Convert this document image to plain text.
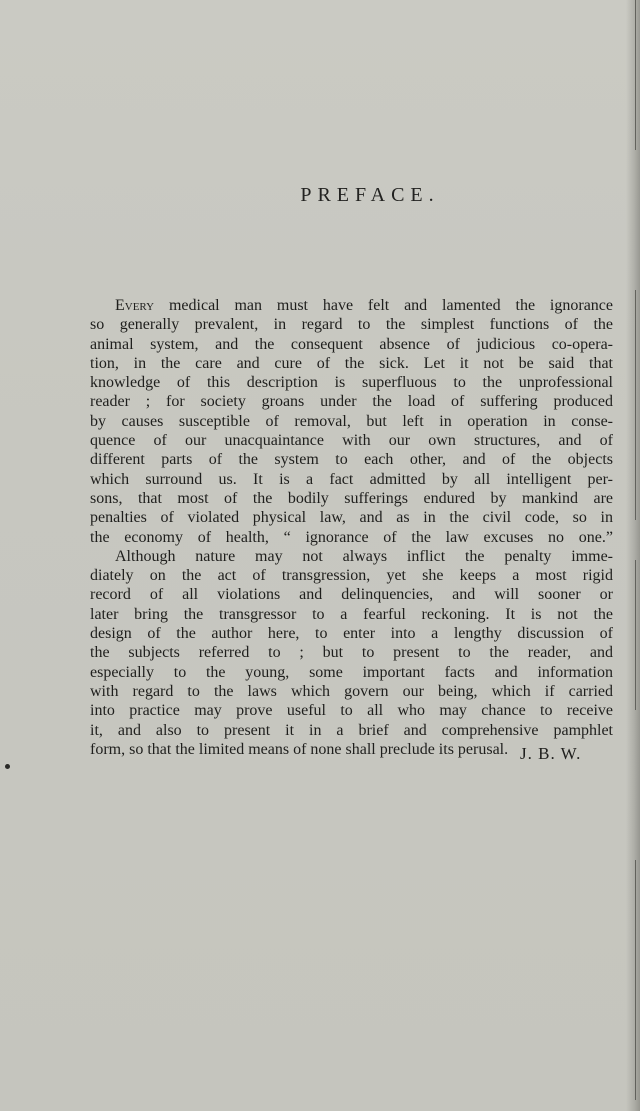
PREFACE.
Every medical man must have felt and lamented the ignorance
so generally prevalent, in regard to the simplest functions of the
animal system, and the consequent absence of judicious co-opera-
tion, in the care and cure of the sick. Let it not be said that
knowledge of this description is superfluous to the unprofessional
reader ; for society groans under the load of suffering produced
by causes susceptible of removal, but left in operation in conse-
quence of our unacquaintance with our own structures, and of
different parts of the system to each other, and of the objects
which surround us. It is a fact admitted by all intelligent per-
sons, that most of the bodily sufferings endured by mankind are
penalties of violated physical law, and as in the civil code, so in
the economy of health, “ ignorance of the law excuses no one.”
Although nature may not always inflict the penalty imme-
diately on the act of transgression, yet she keeps a most rigid
record of all violations and delinquencies, and will sooner or
later bring the transgressor to a fearful reckoning. It is not the
design of the author here, to enter into a lengthy discussion of
the subjects referred to ; but to present to the reader, and
especially to the young, some important facts and information
with regard to the laws which govern our being, which if carried
into practice may prove useful to all who may chance to receive
it, and also to present it in a brief and comprehensive pamphlet
form, so that the limited means of none shall preclude its perusal. J. B. W.
